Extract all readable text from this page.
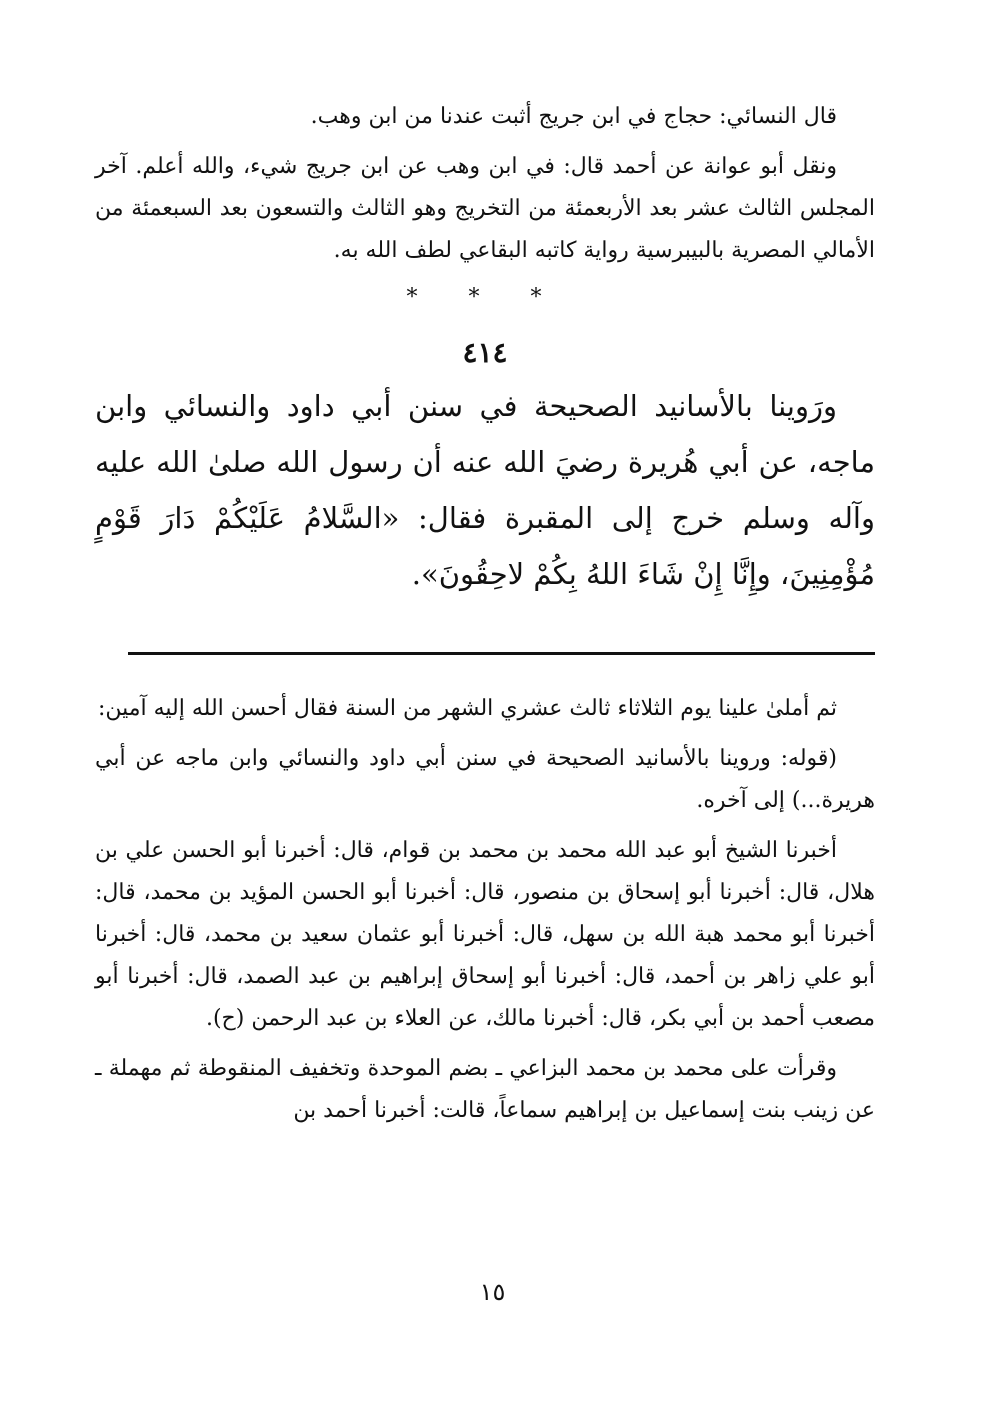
قال النسائي: حجاج في ابن جريج أثبت عندنا من ابن وهب.

ونقل أبو عوانة عن أحمد قال: في ابن وهب عن ابن جريج شيء، والله أعلم. آخر المجلس الثالث عشر بعد الأربعمئة من التخريج وهو الثالث والتسعون بعد السبعمئة من الأمالي المصرية بالبيبرسية رواية كاتبه البقاعي لطف الله به.

* * *
٤١٤

ورَوينا بالأسانيد الصحيحة في سنن أبي داود والنسائي وابن ماجه، عن أبي هُريرة رضيَ الله عنه أن رسول الله صلىٰ الله عليه وآله وسلم خرج إلى المقبرة فقال: «السَّلامُ عَلَيْكُمْ دَارَ قَوْمٍ مُؤْمِنِينَ، وإِنَّا إِنْ شَاءَ اللهُ بِكُمْ لاحِقُونَ».

ثم أملىٰ علينا يوم الثلاثاء ثالث عشري الشهر من السنة فقال أحسن الله إليه آمين:

(قوله: وروينا بالأسانيد الصحيحة في سنن أبي داود والنسائي وابن ماجه عن أبي هريرة...) إلى آخره.

أخبرنا الشيخ أبو عبد الله محمد بن محمد بن قوام، قال: أخبرنا أبو الحسن علي بن هلال، قال: أخبرنا أبو إسحاق بن منصور، قال: أخبرنا أبو الحسن المؤيد بن محمد، قال: أخبرنا أبو محمد هبة الله بن سهل، قال: أخبرنا أبو عثمان سعيد بن محمد، قال: أخبرنا أبو علي زاهر بن أحمد، قال: أخبرنا أبو إسحاق إبراهيم بن عبد الصمد، قال: أخبرنا أبو مصعب أحمد بن أبي بكر، قال: أخبرنا مالك، عن العلاء بن عبد الرحمن (ح).

وقرأت على محمد بن محمد البزاعي ـ بضم الموحدة وتخفيف المنقوطة ثم مهملة ـ عن زينب بنت إسماعيل بن إبراهيم سماعاً، قالت: أخبرنا أحمد بن

١٥
